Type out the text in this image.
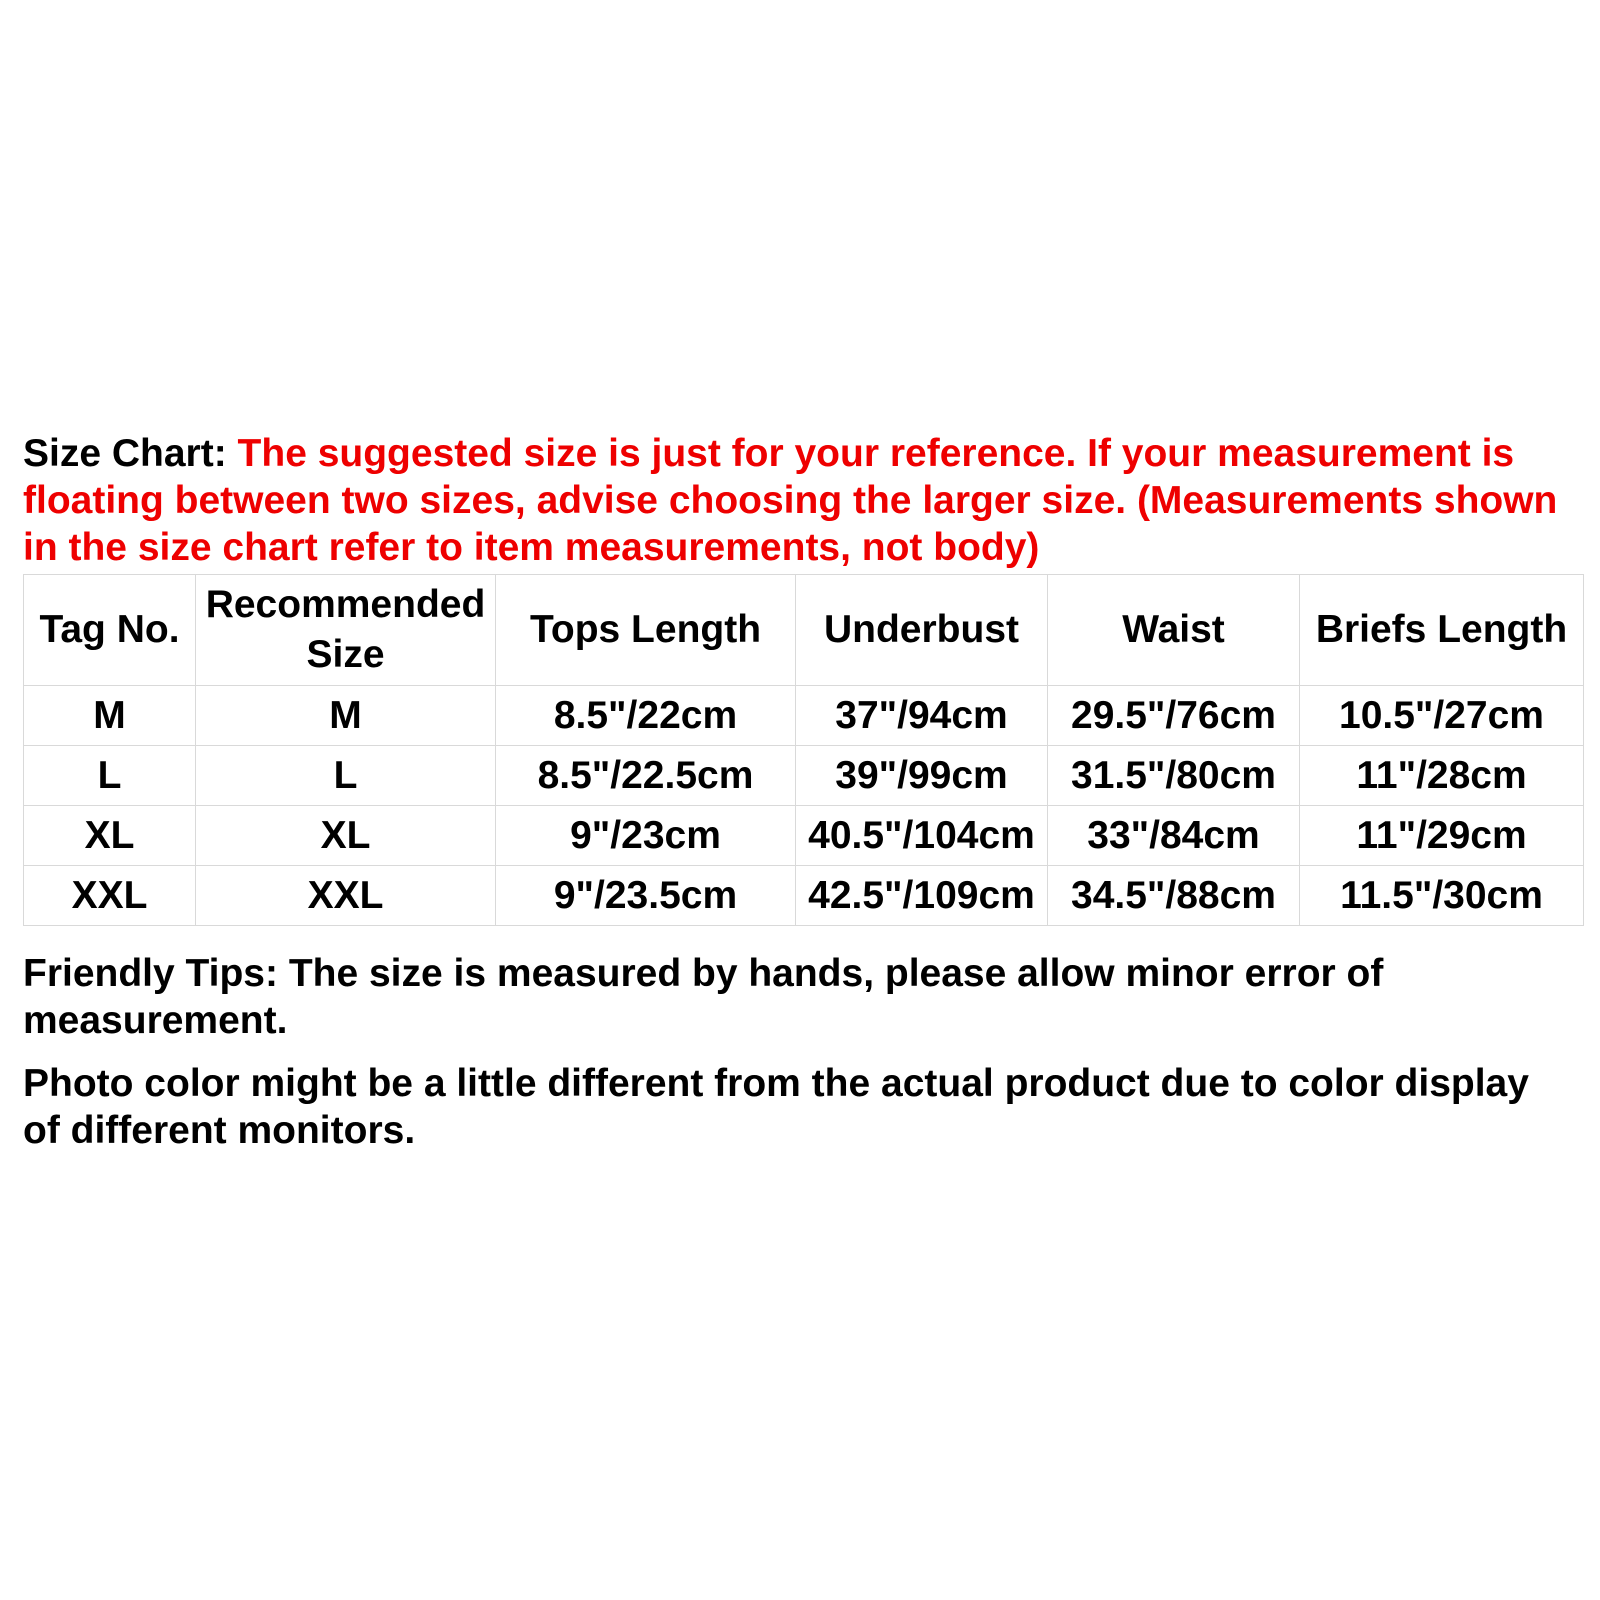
Size Chart: The suggested size is just for your reference. If your measurement is floating between two sizes, advise choosing the larger size. (Measurements shown in the size chart refer to item measurements, not body)

Tag No.	Recommended Size	Tops Length	Underbust	Waist	Briefs Length
M	M	8.5"/22cm	37"/94cm	29.5"/76cm	10.5"/27cm
L	L	8.5"/22.5cm	39"/99cm	31.5"/80cm	11"/28cm
XL	XL	9"/23cm	40.5"/104cm	33"/84cm	11"/29cm
XXL	XXL	9"/23.5cm	42.5"/109cm	34.5"/88cm	11.5"/30cm

Friendly Tips: The size is measured by hands, please allow minor error of measurement.

Photo color might be a little different from the actual product due to color display of different monitors.
